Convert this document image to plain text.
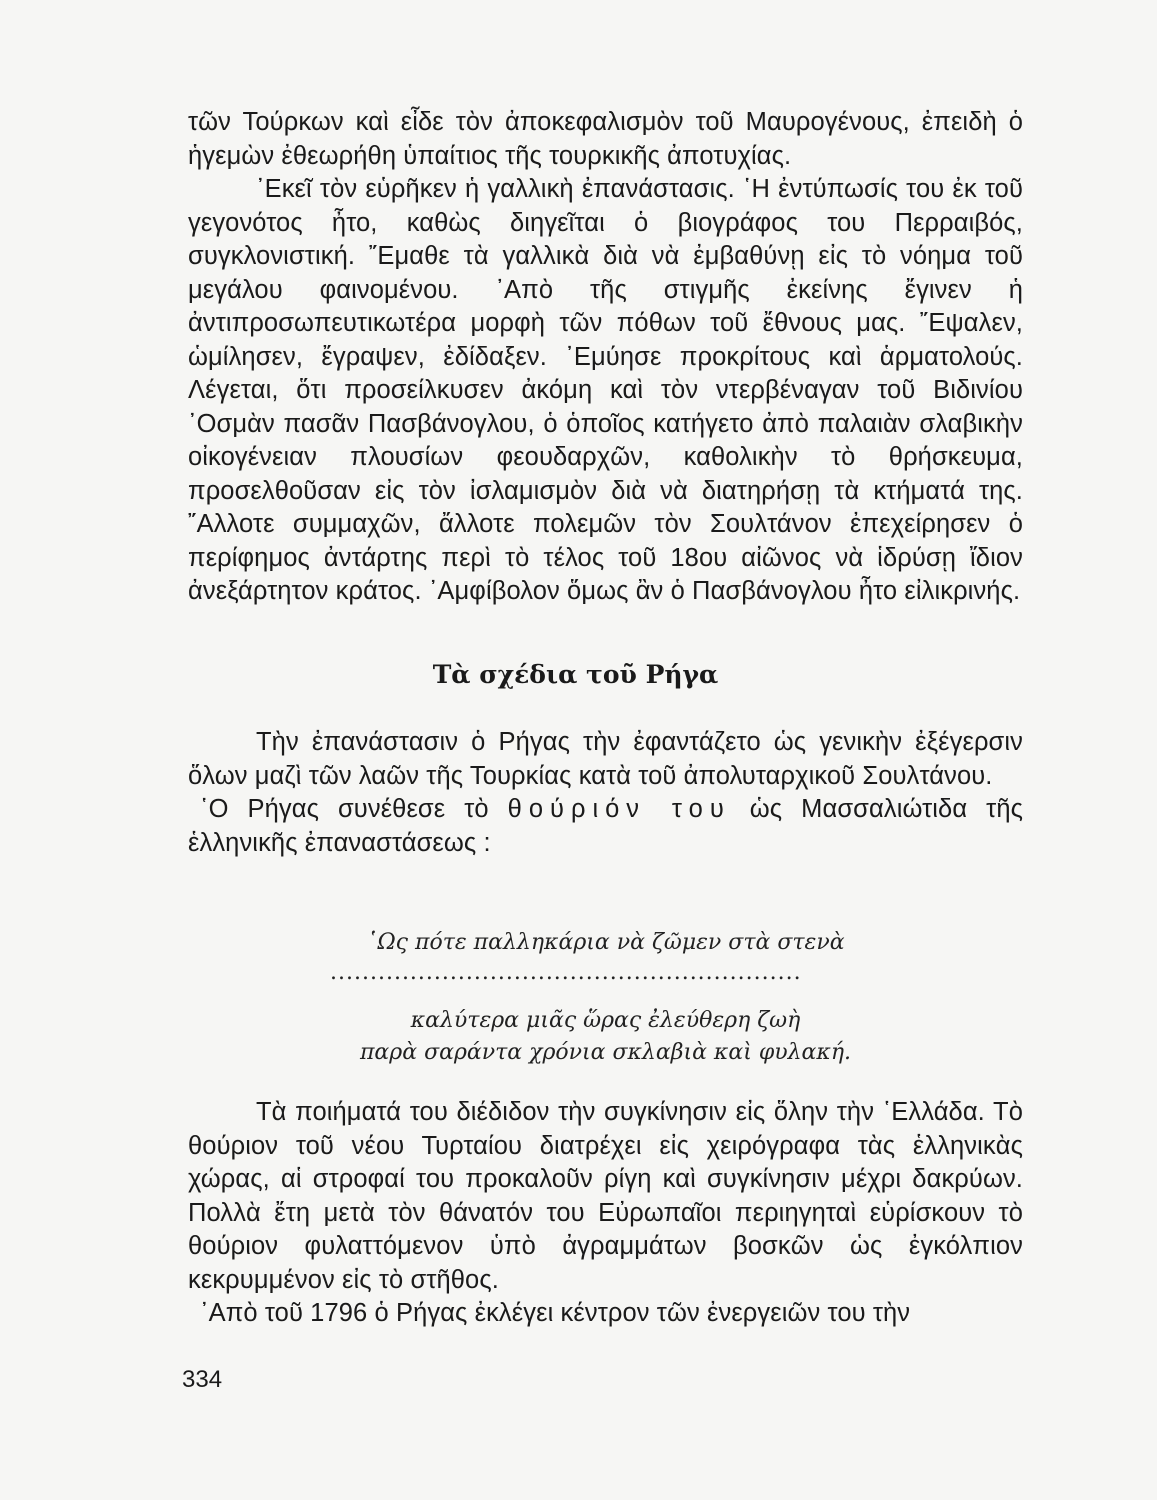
τῶν Τούρκων καὶ εἶδε τὸν ἀποκεφαλισμὸν τοῦ Μαυρογένους, ἐπειδὴ ὁ ἡγεμὼν ἐθεωρήθη ὑπαίτιος τῆς τουρκικῆς ἀποτυχίας.

᾿Εκεῖ τὸν εὑρῆκεν ἡ γαλλικὴ ἐπανάστασις. ῾Η ἐντύπωσίς του ἐκ τοῦ γεγονότος ἦτο, καθὼς διηγεῖται ὁ βιογράφος του Περραιβός, συγκλονιστική. ῎Εμαθε τὰ γαλλικὰ διὰ νὰ ἐμβαθύνῃ εἰς τὸ νόημα τοῦ μεγάλου φαινομένου. ᾿Απὸ τῆς στιγμῆς ἐκείνης ἔγινεν ἡ ἀντιπροσωπευτικωτέρα μορφὴ τῶν πόθων τοῦ ἔθνους μας. ῎Εψαλεν, ὡμίλησεν, ἔγραψεν, ἐδίδαξεν. ᾿Εμύησε προκρίτους καὶ ἁρματολούς. Λέγεται, ὅτι προσείλκυσεν ἀκόμη καὶ τὸν ντερβέναγαν τοῦ Βιδινίου ᾿Οσμὰν πασᾶν Πασβάνογλου, ὁ ὁποῖος κατήγετο ἀπὸ παλαιὰν σλαβικὴν οἰκογένειαν πλουσίων φεουδαρχῶν, καθολικὴν τὸ θρήσκευμα, προσελθοῦσαν εἰς τὸν ἰσλαμισμὸν διὰ νὰ διατηρήσῃ τὰ κτήματά της. ῎Αλλοτε συμμαχῶν, ἄλλοτε πολεμῶν τὸν Σουλτάνον ἐπεχείρησεν ὁ περίφημος ἀντάρτης περὶ τὸ τέλος τοῦ 18ου αἰῶνος νὰ ἱδρύσῃ ἴδιον ἀνεξάρτητον κράτος. ᾿Αμφίβολον ὅμως ἂν ὁ Πασβάνογλου ἦτο εἰλικρινής.

Τὰ σχέδια τοῦ Ρήγα

Τὴν ἐπανάστασιν ὁ Ρήγας τὴν ἐφαντάζετο ὡς γενικὴν ἐξέγερσιν ὅλων μαζὶ τῶν λαῶν τῆς Τουρκίας κατὰ τοῦ ἀπολυταρχικοῦ Σουλτάνου.

῾Ο Ρήγας συνέθεσε τὸ θούριόν του ὡς Μασσαλιώτιδα τῆς ἑλληνικῆς ἐπαναστάσεως :

῾Ως πότε παλληκάρια νὰ ζῶμεν στὰ στενὰ
...........................................................
καλύτερα μιᾶς ὥρας ἐλεύθερη ζωὴ
παρὰ σαράντα χρόνια σκλαβιὰ καὶ φυλακή.

Τὰ ποιήματά του διέδιδον τὴν συγκίνησιν εἰς ὅλην τὴν ῾Ελλάδα. Τὸ θούριον τοῦ νέου Τυρταίου διατρέχει εἰς χειρόγραφα τὰς ἑλληνικὰς χώρας, αἱ στροφαί του προκαλοῦν ρίγη καὶ συγκίνησιν μέχρι δακρύων. Πολλὰ ἔτη μετὰ τὸν θάνατόν του Εὐρωπαῖοι περιηγηταὶ εὑρίσκουν τὸ θούριον φυλαττόμενον ὑπὸ ἀγραμμάτων βοσκῶν ὡς ἐγκόλπιον κεκρυμμένον εἰς τὸ στῆθος.

᾿Απὸ τοῦ 1796 ὁ Ρήγας ἐκλέγει κέντρον τῶν ἐνεργειῶν του τὴν

334
